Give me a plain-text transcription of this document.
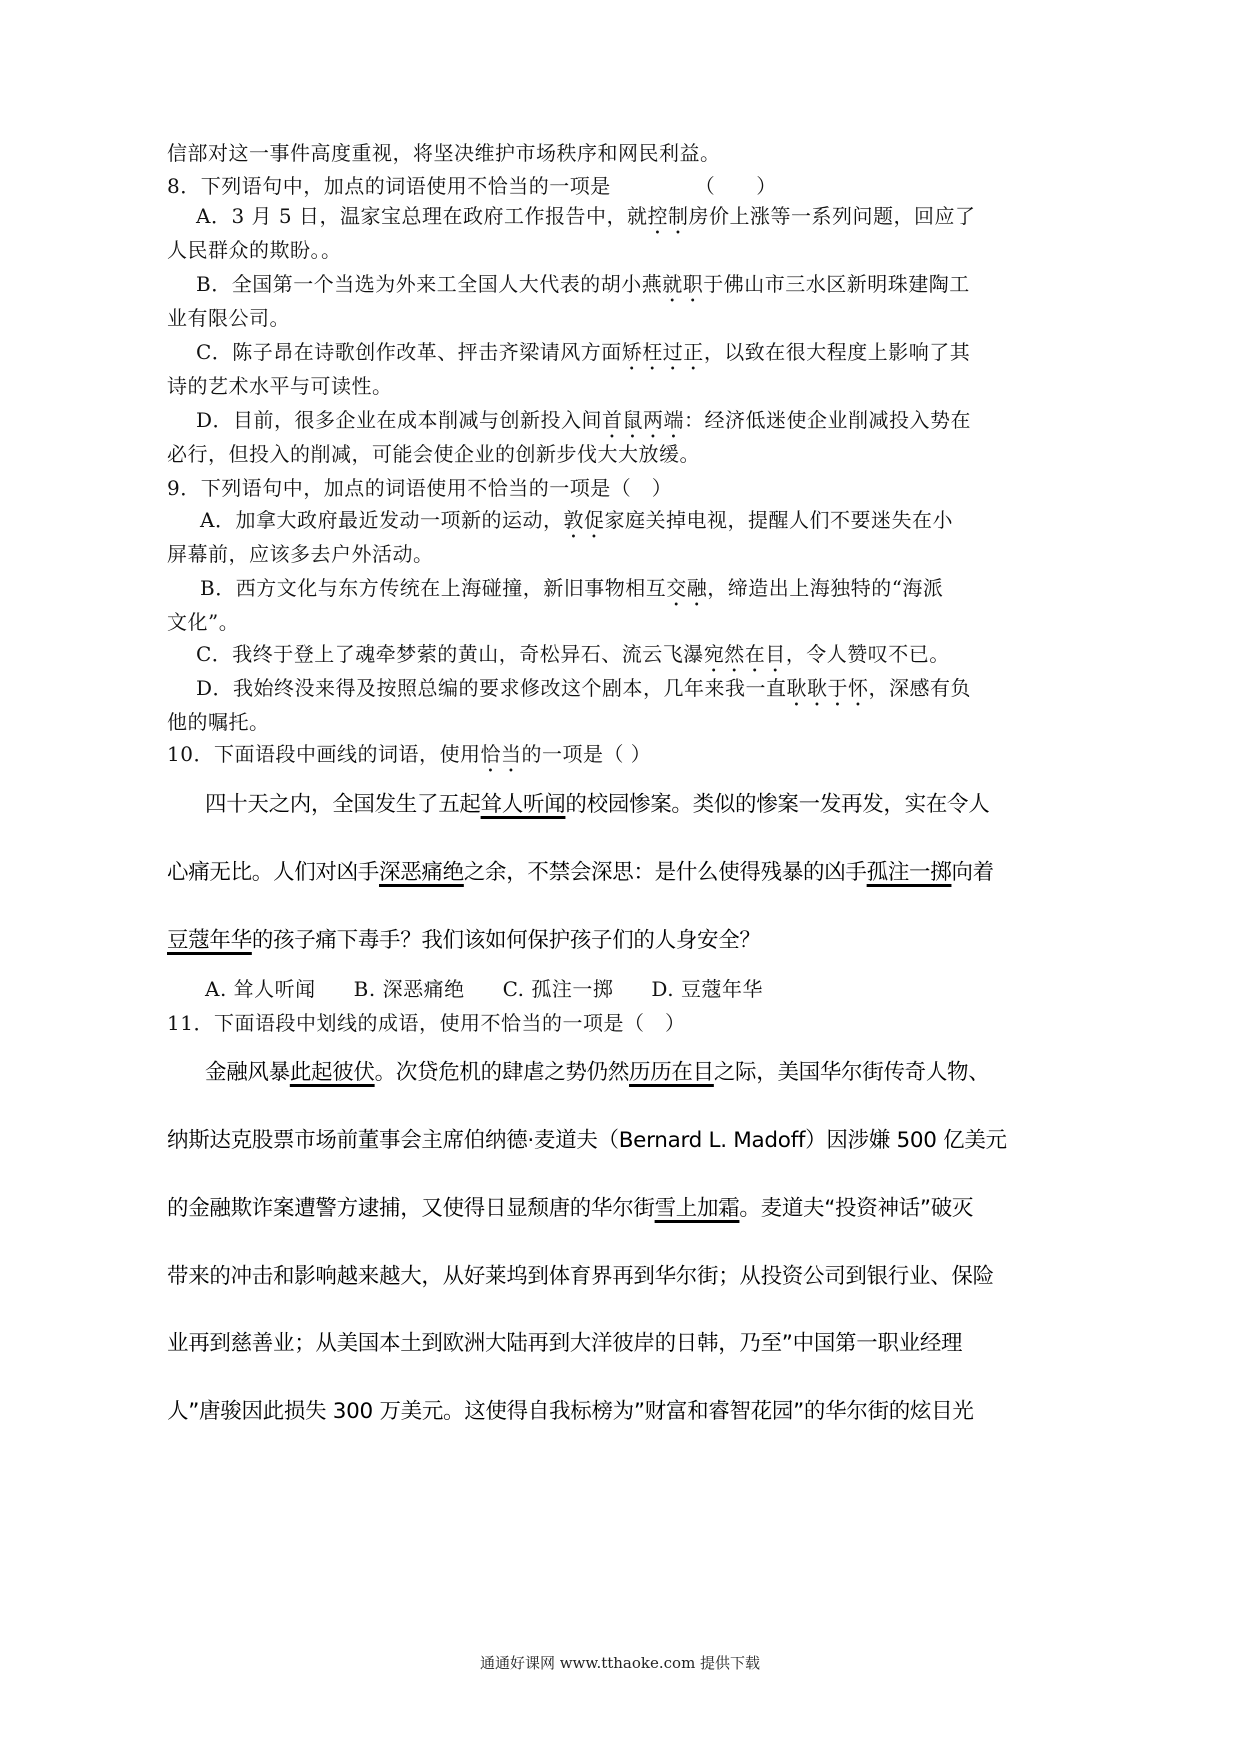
信部对这一事件高度重视，将坚决维护市场秩序和网民利益。
8．下列语句中，加点的词语使用不恰当的一项是	（　　）
A．3 月 5 日，温家宝总理在政府工作报告中，就控制房价上涨等一系列问题，回应了
人民群众的欺盼。。
B．全国第一个当选为外来工全国人大代表的胡小燕就职于佛山市三水区新明珠建陶工
业有限公司。
C．陈子昂在诗歌创作改革、抨击齐梁请风方面矫枉过正，以致在很大程度上影响了其
诗的艺术水平与可读性。
D．目前，很多企业在成本削减与创新投入间首鼠两端：经济低迷使企业削减投入势在
必行，但投入的削减，可能会使企业的创新步伐大大放缓。
9．下列语句中，加点的词语使用不恰当的一项是（　）
A．加拿大政府最近发动一项新的运动，敦促家庭关掉电视，提醒人们不要迷失在小
屏幕前，应该多去户外活动。
B．西方文化与东方传统在上海碰撞，新旧事物相互交融，缔造出上海独特的“海派
文化”。
C．我终于登上了魂牵梦萦的黄山，奇松异石、流云飞瀑宛然在目，令人赞叹不已。
D．我始终没来得及按照总编的要求修改这个剧本，几年来我一直耿耿于怀，深感有负
他的嘱托。
10．下面语段中画线的词语，使用恰当的一项是（ ）
四十天之内，全国发生了五起耸人听闻的校园惨案。类似的惨案一发再发，实在令人
心痛无比。人们对凶手深恶痛绝之余，不禁会深思：是什么使得残暴的凶手孤注一掷向着
豆蔻年华的孩子痛下毒手？我们该如何保护孩子们的人身安全？
A. 耸人听闻 B. 深恶痛绝 C. 孤注一掷 D. 豆蔻年华
11．下面语段中划线的成语，使用不恰当的一项是（　）
金融风暴此起彼伏。次贷危机的肆虐之势仍然历历在目之际，美国华尔街传奇人物、
纳斯达克股票市场前董事会主席伯纳德·麦道夫（Bernard L. Madoff）因涉嫌 500 亿美元
的金融欺诈案遭警方逮捕，又使得日显颓唐的华尔街雪上加霜。麦道夫“投资神话”破灭
带来的冲击和影响越来越大，从好莱坞到体育界再到华尔街；从投资公司到银行业、保险
业再到慈善业；从美国本土到欧洲大陆再到大洋彼岸的日韩，乃至”中国第一职业经理
人”唐骏因此损失 300 万美元。这使得自我标榜为”财富和睿智花园”的华尔街的炫目光
通通好课网 www.tthaoke.com 提供下载
